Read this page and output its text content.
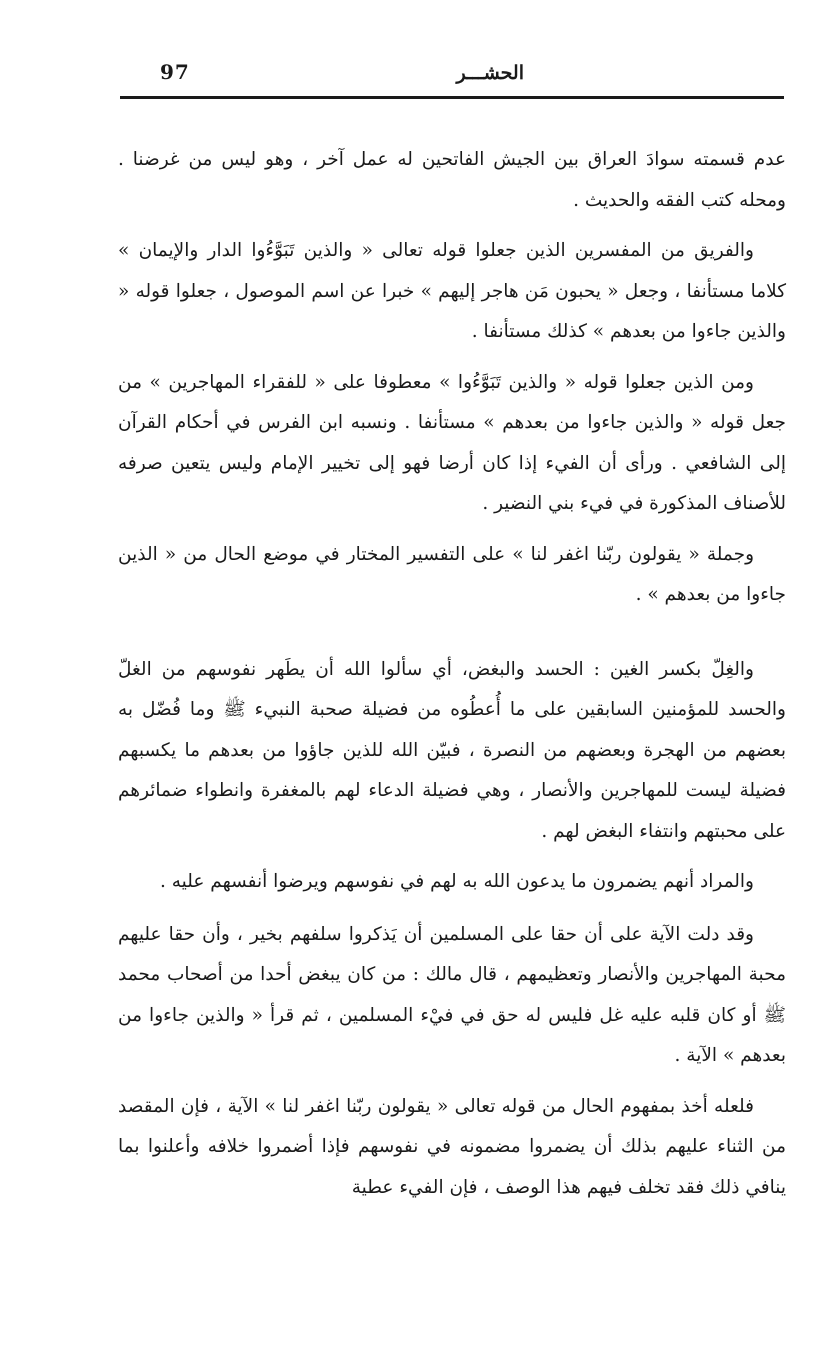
الحشـــر
97

عدم قسمته سوادَ العراق بين الجيش الفاتحين له عمل آخر ، وهو ليس من غرضنا . ومحله كتب الفقه والحديث .

والفريق من المفسرين الذين جعلوا قوله تعالى « والذين تَبَوَّءُوا الدار والإيمان » كلاما مستأنفا ، وجعل « يحبون مَن هاجر إليهم » خبرا عن اسم الموصول ، جعلوا قوله « والذين جاءوا من بعدهم » كذلك مستأنفا .

ومن الذين جعلوا قوله « والذين تَبَوَّءُوا » معطوفا على « للفقراء المهاجرين » من جعل قوله « والذين جاءوا من بعدهم » مستأنفا . ونسبه ابن الفرس في أحكام القرآن إلى الشافعي . ورأى أن الفيء إذا كان أرضا فهو إلى تخيير الإمام وليس يتعين صرفه للأصناف المذكورة في فيء بني النضير .

وجملة « يقولون ربّنا اغفر لنا » على التفسير المختار في موضع الحال من « الذين جاءوا من بعدهم » .

والغِلّ بكسر الغين : الحسد والبغض، أي سألوا الله أن يطَهر نفوسهم من الغلّ والحسد للمؤمنين السابقين على ما أُعطُوه من فضيلة صحبة النبيء ﷺ وما فُضّل به بعضهم من الهجرة وبعضهم من النصرة ، فبيّن الله للذين جاؤوا من بعدهم ما يكسبهم فضيلة ليست للمهاجرين والأنصار ، وهي فضيلة الدعاء لهم بالمغفرة وانطواء ضمائرهم على محبتهم وانتفاء البغض لهم .

والمراد أنهم يضمرون ما يدعون الله به لهم في نفوسهم ويرضوا أنفسهم عليه .

وقد دلت الآية على أن حقا على المسلمين أن يَذكروا سلفهم بخير ، وأن حقا عليهم محبة المهاجرين والأنصار وتعظيمهم ، قال مالك : من كان يبغض أحدا من أصحاب محمد ﷺ أو كان قلبه عليه غل فليس له حق في فيْء المسلمين ، ثم قرأ « والذين جاءوا من بعدهم » الآية .

فلعله أخذ بمفهوم الحال من قوله تعالى « يقولون ربّنا اغفر لنا » الآية ، فإن المقصد من الثناء عليهم بذلك أن يضمروا مضمونه في نفوسهم فإذا أضمروا خلافه وأعلنوا بما ينافي ذلك فقد تخلف فيهم هذا الوصف ، فإن الفيء عطية
